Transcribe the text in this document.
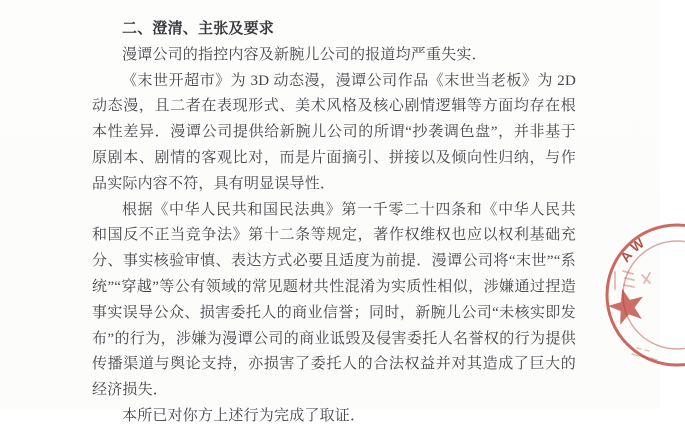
二、澄清、主张及要求

漫谭公司的指控内容及新腕儿公司的报道均严重失实．

《末世开超市》为 3D 动态漫，漫谭公司作品《末世当老板》为 2D 动态漫，且二者在表现形式、美术风格及核心剧情逻辑等方面均存在根本性差异．漫谭公司提供给新腕儿公司的所谓“抄袭调色盘”，并非基于原剧本、剧情的客观比对，而是片面摘引、拼接以及倾向性归纳，与作品实际内容不符，具有明显误导性．

根据《中华人民共和国民法典》第一千零二十四条和《中华人民共和国反不正当竞争法》第十二条等规定，著作权维权也应以权利基础充分、事实核验审慎、表达方式必要且适度为前提．漫谭公司将“末世”“系统”“穿越”等公有领域的常见题材共性混淆为实质性相似，涉嫌通过捏造事实误导公众、损害委托人的商业信誉；同时，新腕儿公司“未核实即发布”的行为，涉嫌为漫谭公司的商业诋毁及侵害委托人名誉权的行为提供传播渠道与舆论支持，亦损害了委托人的合法权益并对其造成了巨大的经济损失．

本所已对你方上述行为完成了取证．

AW
